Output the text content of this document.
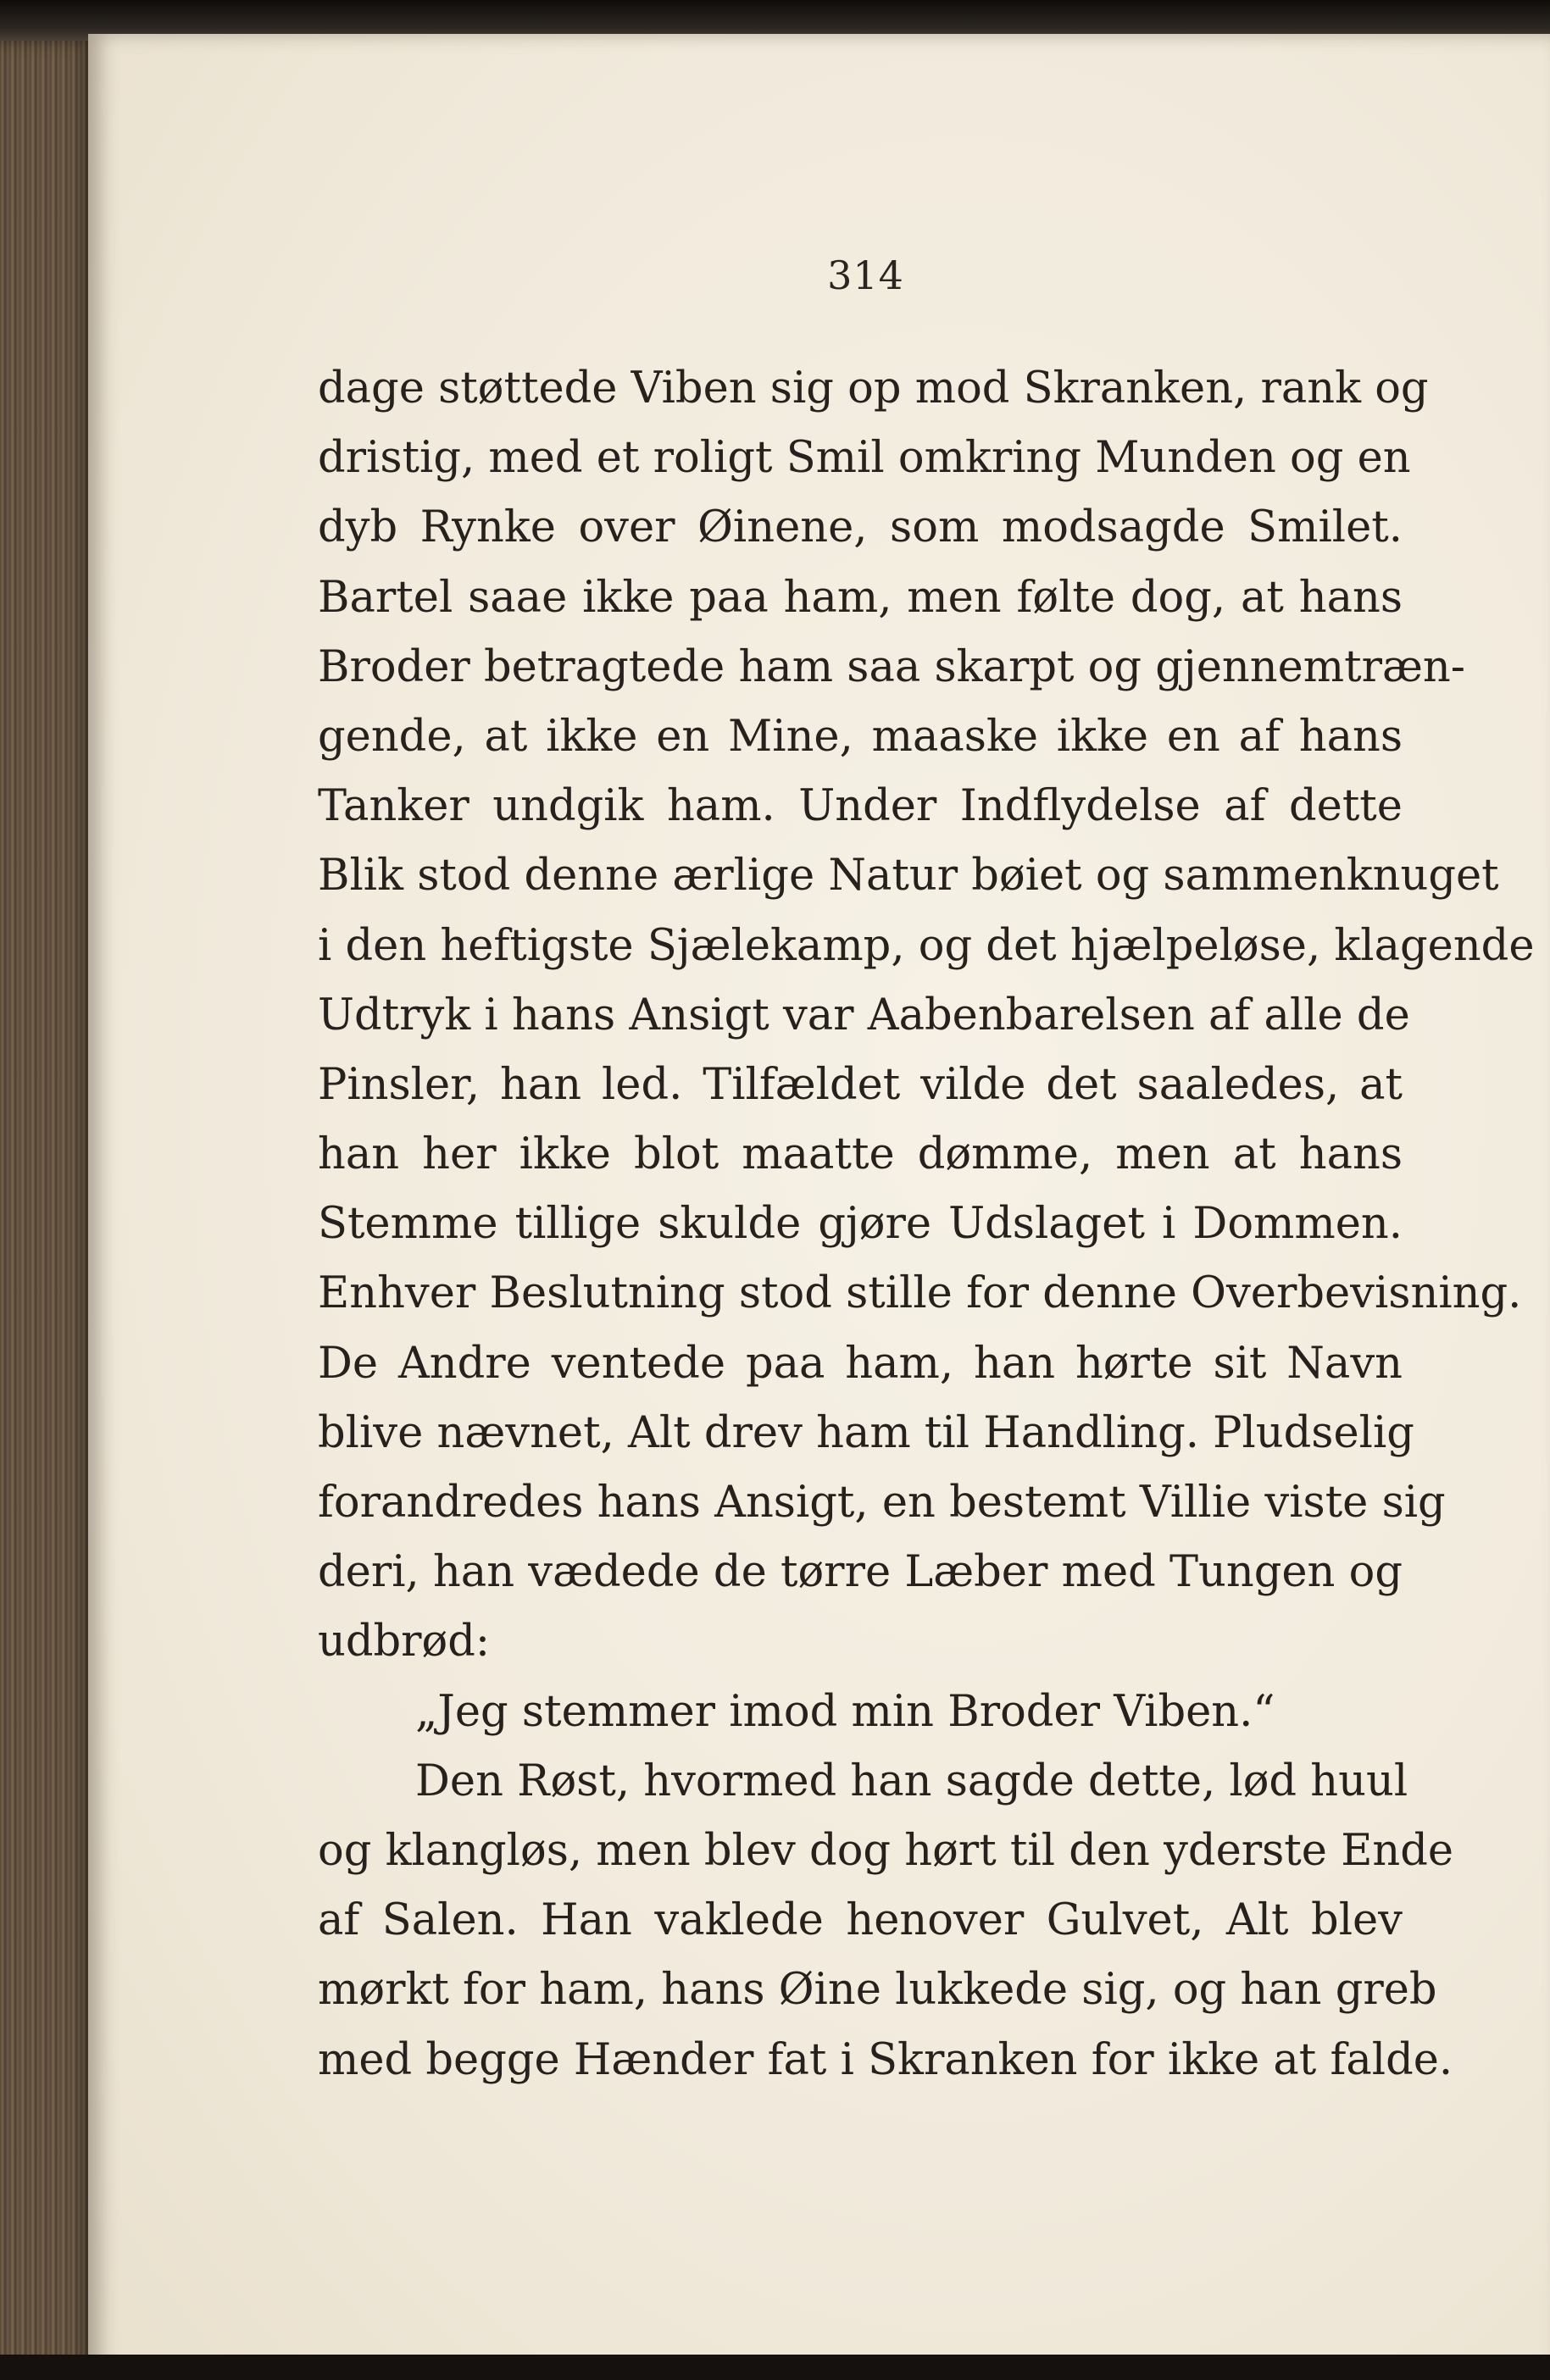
314
dage støttede Viben sig op mod Skranken, rank og
dristig, med et roligt Smil omkring Munden og en
dyb Rynke over Øinene, som modsagde Smilet.
Bartel saae ikke paa ham, men følte dog, at hans
Broder betragtede ham saa skarpt og gjennemtræn-
gende, at ikke en Mine, maaske ikke en af hans
Tanker undgik ham. Under Indflydelse af dette
Blik stod denne ærlige Natur bøiet og sammenknuget
i den heftigste Sjælekamp, og det hjælpeløse, klagende
Udtryk i hans Ansigt var Aabenbarelsen af alle de
Pinsler, han led. Tilfældet vilde det saaledes, at
han her ikke blot maatte dømme, men at hans
Stemme tillige skulde gjøre Udslaget i Dommen.
Enhver Beslutning stod stille for denne Overbevisning.
De Andre ventede paa ham, han hørte sit Navn
blive nævnet, Alt drev ham til Handling. Pludselig
forandredes hans Ansigt, en bestemt Villie viste sig
deri, han vædede de tørre Læber med Tungen og
udbrød:
„Jeg stemmer imod min Broder Viben.“
Den Røst, hvormed han sagde dette, lød huul
og klangløs, men blev dog hørt til den yderste Ende
af Salen. Han vaklede henover Gulvet, Alt blev
mørkt for ham, hans Øine lukkede sig, og han greb
med begge Hænder fat i Skranken for ikke at falde.
